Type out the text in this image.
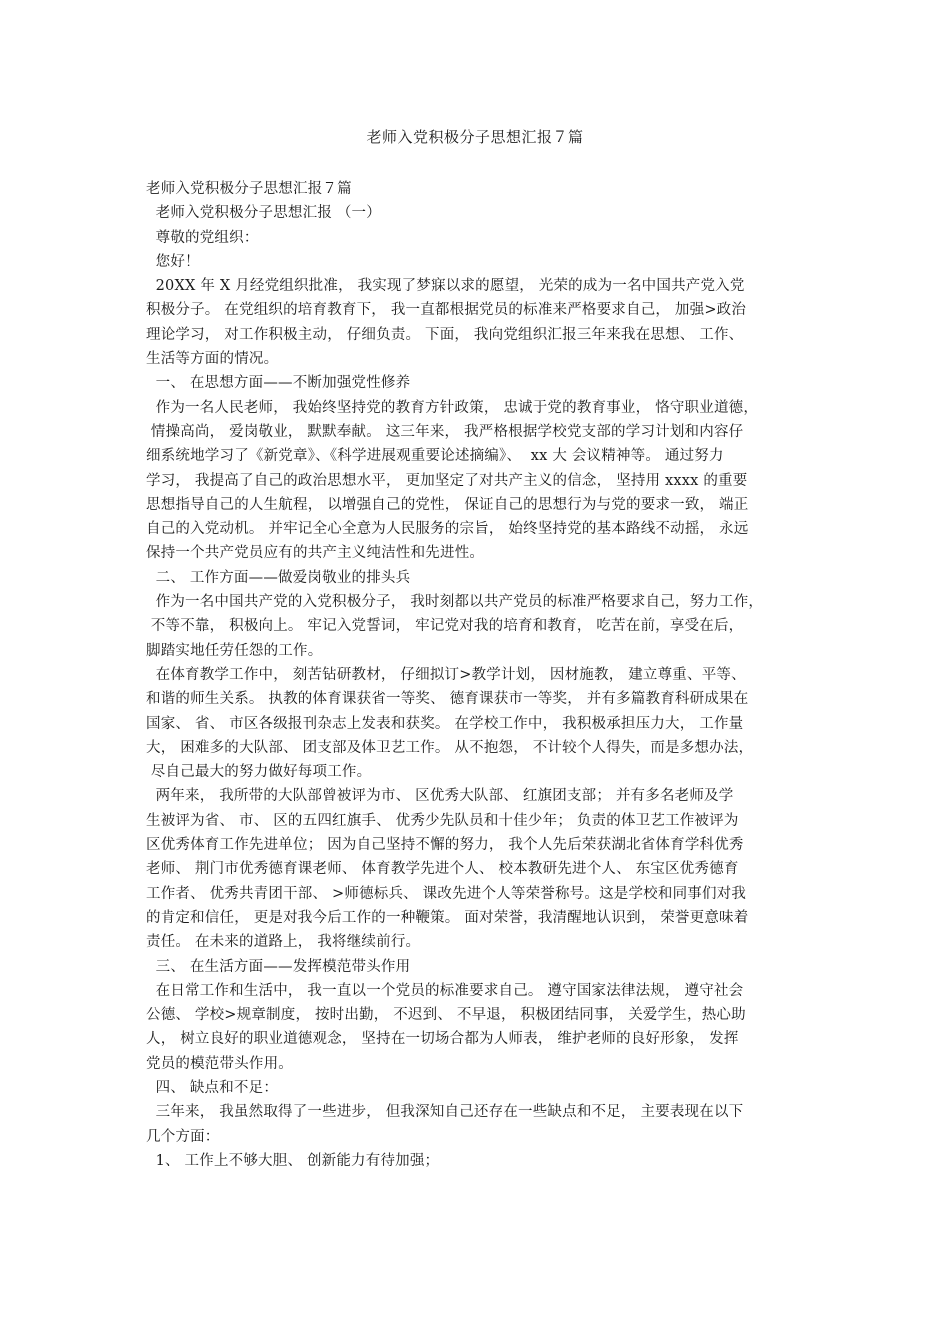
老师入党积极分子思想汇报７篇
老师入党积极分子思想汇报７篇
老师入党积极分子思想汇报 （一）
尊敬的党组织：
您好！
20XX 年 X 月经党组织批准， 我实现了梦寐以求的愿望， 光荣的成为一名中国共产党入党
积极分子。 在党组织的培育教育下， 我一直都根据党员的标准来严格要求自己， 加强>政治
理论学习， 对工作积极主动， 仔细负责。 下面， 我向党组织汇报三年来我在思想、 工作、
生活等方面的情况。
一、 在思想方面——不断加强党性修养
作为一名人民老师， 我始终坚持党的教育方针政策， 忠诚于党的教育事业， 恪守职业道德，
情操高尚， 爱岗敬业， 默默奉献。 这三年来， 我严格根据学校党支部的学习计划和内容仔
细系统地学习了《新党章》、《科学进展观重要论述摘编》、  xx 大 会议精神等。 通过努力
学习， 我提高了自己的政治思想水平， 更加坚定了对共产主义的信念， 坚持用 xxxx 的重要
思想指导自己的人生航程， 以增强自己的党性， 保证自己的思想行为与党的要求一致， 端正
自己的入党动机。 并牢记全心全意为人民服务的宗旨， 始终坚持党的基本路线不动摇， 永远
保持一个共产党员应有的共产主义纯洁性和先进性。
二、 工作方面——做爱岗敬业的排头兵
作为一名中国共产党的入党积极分子， 我时刻都以共产党员的标准严格要求自己，努力工作，
不等不靠， 积极向上。 牢记入党誓词， 牢记党对我的培育和教育， 吃苦在前，享受在后，
脚踏实地任劳任怨的工作。
在体育教学工作中， 刻苦钻研教材， 仔细拟订>教学计划， 因材施教， 建立尊重、平等、
和谐的师生关系。 执教的体育课获省一等奖、 德育课获市一等奖， 并有多篇教育科研成果在
国家、 省、 市区各级报刊杂志上发表和获奖。 在学校工作中， 我积极承担压力大， 工作量
大， 困难多的大队部、 团支部及体卫艺工作。 从不抱怨， 不计较个人得失，而是多想办法，
尽自己最大的努力做好每项工作。
两年来， 我所带的大队部曾被评为市、 区优秀大队部、 红旗团支部； 并有多名老师及学
生被评为省、 市、 区的五四红旗手、 优秀少先队员和十佳少年； 负责的体卫艺工作被评为
区优秀体育工作先进单位； 因为自己坚持不懈的努力， 我个人先后荣获湖北省体育学科优秀
老师、 荆门市优秀德育课老师、 体育教学先进个人、 校本教研先进个人、 东宝区优秀德育
工作者、 优秀共青团干部、 >师德标兵、 课改先进个人等荣誉称号。这是学校和同事们对我
的肯定和信任， 更是对我今后工作的一种鞭策。 面对荣誉，我清醒地认识到， 荣誉更意味着
责任。 在未来的道路上， 我将继续前行。
三、 在生活方面——发挥模范带头作用
在日常工作和生活中， 我一直以一个党员的标准要求自己。 遵守国家法律法规， 遵守社会
公德、 学校>规章制度， 按时出勤， 不迟到、 不早退， 积极团结同事， 关爱学生，热心助
人， 树立良好的职业道德观念， 坚持在一切场合都为人师表， 维护老师的良好形象， 发挥
党员的模范带头作用。
四、 缺点和不足：
三年来， 我虽然取得了一些进步， 但我深知自己还存在一些缺点和不足， 主要表现在以下
几个方面：
1、 工作上不够大胆、 创新能力有待加强；
